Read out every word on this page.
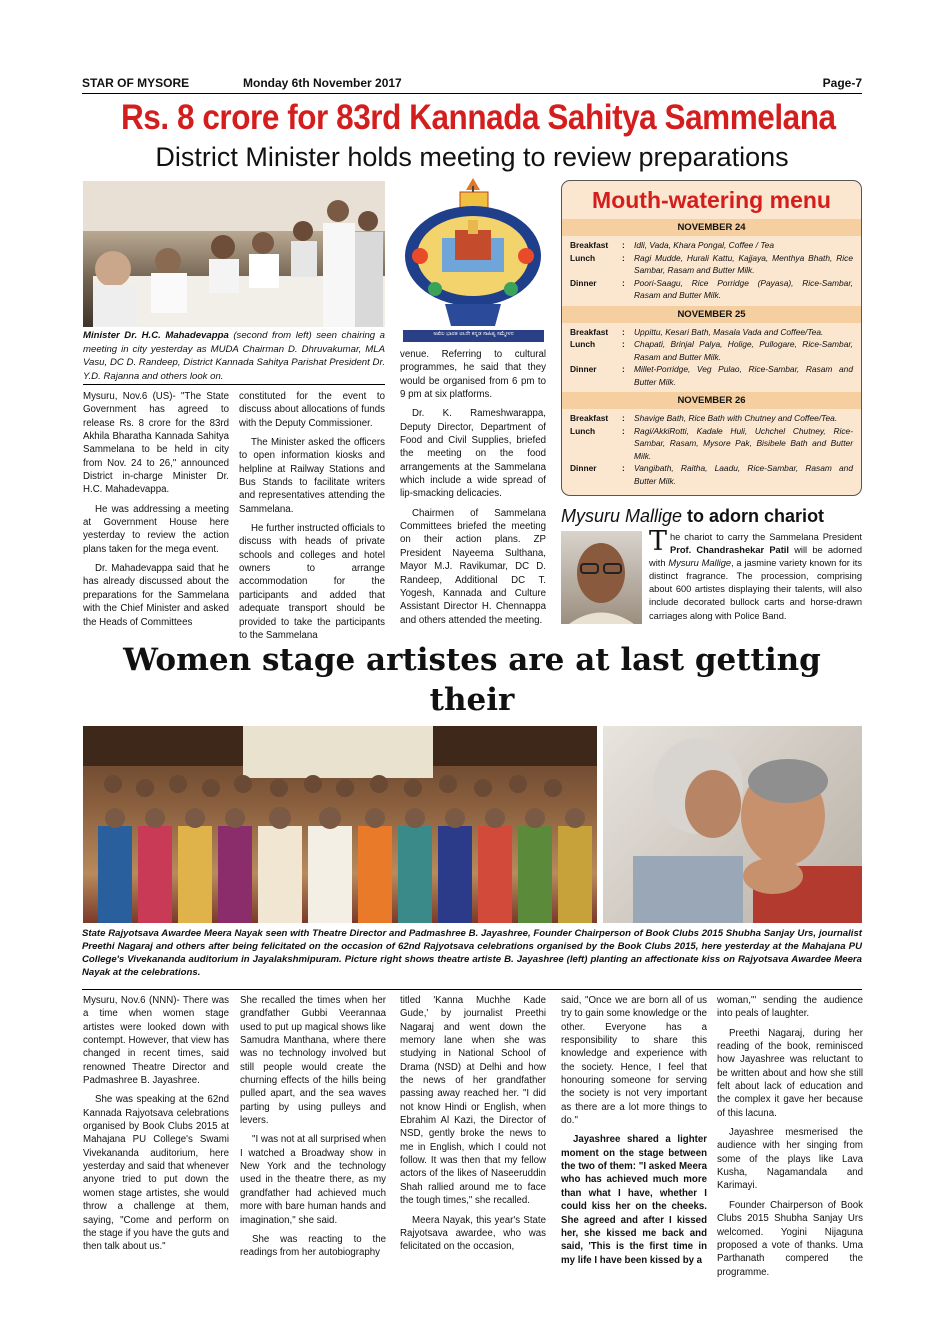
STAR OF MYSORE	Monday 6th November 2017	Page-7
Rs. 8 crore for 83rd Kannada Sahitya Sammelana
District Minister holds meeting to review preparations
Minister Dr. H.C. Mahadevappa (second from left) seen chairing a meeting in city yesterday as MUDA Chairman D. Dhruvakumar, MLA Vasu, DC D. Randeep, District Kannada Sahitya Parishat President Dr. Y.D. Rajanna and others look on.
ಅಖಿಲ ಭಾರತ ೮೩ನೇ ಕನ್ನಡ ಸಾಹಿತ್ಯ ಸಮ್ಮೇಳನ

Mysuru, Nov.6 (US)- "The State Government has agreed to release Rs. 8 crore for the 83rd Akhila Bharatha Kannada Sahitya Sammelana to be held in city from Nov. 24 to 26," announced District in-charge Minister Dr. H.C. Mahadevappa.

He was addressing a meeting at Government House here yesterday to review the action plans taken for the mega event.

Dr. Mahadevappa said that he has already discussed about the preparations for the Sammelana with the Chief Minister and asked the Heads of Committees

constituted for the event to discuss about allocations of funds with the Deputy Commissioner.

The Minister asked the officers to open information kiosks and helpline at Railway Stations and Bus Stands to facilitate writers and representatives attending the Sammelana.

He further instructed officials to discuss with heads of private schools and colleges and hotel owners to arrange accommodation for the participants and added that adequate transport should be provided to take the participants to the Sammelana

venue. Referring to cultural programmes, he said that they would be organised from 6 pm to 9 pm at six platforms.

Dr. K. Rameshwarappa, Deputy Director, Department of Food and Civil Supplies, briefed the meeting on the food arrangements at the Sammelana which include a wide spread of lip-smacking delicacies.

Chairmen of Sammelana Committees briefed the meeting on their action plans. ZP President Nayeema Sulthana, Mayor M.J. Ravikumar, DC D. Randeep, Additional DC T. Yogesh, Kannada and Culture Assistant Director H. Chennappa and others attended the meeting.

Mouth-watering menu
NOVEMBER 24
Breakfast	:	Idli, Vada, Khara Pongal, Coffee / Tea
Lunch	:	Ragi Mudde, Hurali Kattu, Kajjaya, Menthya Bhath, Rice Sambar, Rasam and Butter Milk.
Dinner	:	Poori-Saagu, Rice Porridge (Payasa), Rice-Sambar, Rasam and Butter Milk.
NOVEMBER 25
Breakfast	:	Uppittu, Kesari Bath, Masala Vada and Coffee/Tea.
Lunch	:	Chapati, Brinjal Palya, Holige, Pullogare, Rice-Sambar, Rasam and Butter Milk.
Dinner	:	Millet-Porridge, Veg Pulao, Rice-Sambar, Rasam and Butter Milk.
NOVEMBER 26
Breakfast	:	Shavige Bath, Rice Bath with Chutney and Coffee/Tea.
Lunch	:	Ragi/AkkiRotti, Kadale Huli, Uchchel Chutney, Rice-Sambar, Rasam, Mysore Pak, Bisibele Bath and Butter Milk.
Dinner	:	Vangibath, Raitha, Laadu, Rice-Sambar, Rasam and Butter Milk.
Mysuru Mallige to adorn chariot
The chariot to carry the Sammelana President Prof. Chandrashekar Patil will be adorned with Mysuru Mallige, a jasmine variety known for its distinct fragrance. The procession, comprising about 600 artistes displaying their talents, will also include decorated bullock carts and horse-drawn carriages along with Police Band.
Women stage artistes are at last getting their
State Rajyotsava Awardee Meera Nayak seen with Theatre Director and Padmashree B. Jayashree, Founder Chairperson of Book Clubs 2015 Shubha Sanjay Urs, journalist Preethi Nagaraj and others after being felicitated on the occasion of 62nd Rajyotsava celebrations organised by the Book Clubs 2015, here yesterday at the Mahajana PU College's Vivekananda auditorium in Jayalakshmipuram. Picture right shows theatre artiste B. Jayashree (left) planting an affectionate kiss on Rajyotsava Awardee Meera Nayak at the celebrations.

Mysuru, Nov.6 (NNN)- There was a time when women stage artistes were looked down with contempt. However, that view has changed in recent times, said renowned Theatre Director and Padmashree B. Jayashree.

She was speaking at the 62nd Kannada Rajyotsava celebrations organised by Book Clubs 2015 at Mahajana PU College's Swami Vivekananda auditorium, here yesterday and said that whenever anyone tried to put down the women stage artistes, she would throw a challenge at them, saying, "Come and perform on the stage if you have the guts and then talk about us."

She recalled the times when her grandfather Gubbi Veerannaa used to put up magical shows like Samudra Manthana, where there was no technology involved but still people would create the churning effects of the hills being pulled apart, and the sea waves parting by using pulleys and levers.

"I was not at all surprised when I watched a Broadway show in New York and the technology used in the theatre there, as my grandfather had achieved much more with bare human hands and imagination," she said.

She was reacting to the readings from her autobiography

titled 'Kanna Muchhe Kade Gude,' by journalist Preethi Nagaraj and went down the memory lane when she was studying in National School of Drama (NSD) at Delhi and how the news of her grandfather passing away reached her. "I did not know Hindi or English, when Ebrahim Al Kazi, the Director of NSD, gently broke the news to me in English, which I could not follow. It was then that my fellow actors of the likes of Naseeruddin Shah rallied around me to face the tough times," she recalled.

Meera Nayak, this year's State Rajyotsava awardee, who was felicitated on the occasion,

said, "Once we are born all of us try to gain some knowledge or the other. Everyone has a responsibility to share this knowledge and experience with the society. Hence, I feel that honouring someone for serving the society is not very important as there are a lot more things to do."

Jayashree shared a lighter moment on the stage between the two of them: "I asked Meera who has achieved much more than what I have, whether I could kiss her on the cheeks. She agreed and after I kissed her, she kissed me back and said, 'This is the first time in my life I have been kissed by a

woman,'" sending the audience into peals of laughter.

Preethi Nagaraj, during her reading of the book, reminisced how Jayashree was reluctant to be written about and how she still felt about lack of education and the complex it gave her because of this lacuna.

Jayashree mesmerised the audience with her singing from some of the plays like Lava Kusha, Nagamandala and Karimayi.

Founder Chairperson of Book Clubs 2015 Shubha Sanjay Urs welcomed. Yogini Nijaguna proposed a vote of thanks. Uma Parthanath compered the programme.
